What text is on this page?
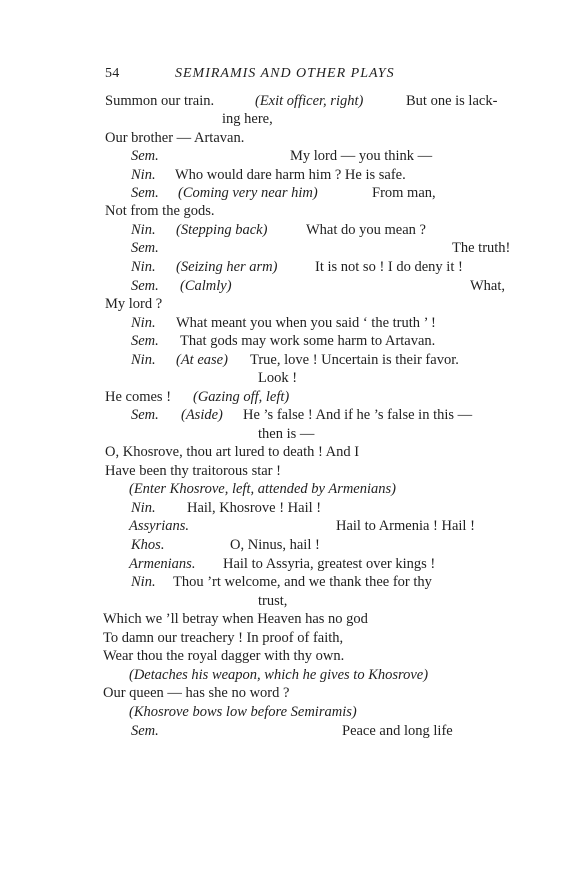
54	SEMIRAMIS AND OTHER PLAYS
Summon our train.	(Exit officer, right)	But one is lack-
ing here,
Our brother — Artavan.
Sem.	My lord — you think —
Nin. Who would dare harm him ? He is safe.
Sem. (Coming very near him)	From man,
Not from the gods.
Nin. (Stepping back)	What do you mean ?
Sem.	The truth!
Nin. (Seizing her arm)	It is not so ! I do deny it !
Sem. (Calmly)	What,
My lord ?
Nin. What meant you when you said ‘ the truth ’ !
Sem. That gods may work some harm to Artavan.
Nin. (At ease) True, love ! Uncertain is their favor.
Look !
He comes ! (Gazing off, left)
Sem. (Aside) He ’s false ! And if he ’s false in this —
then is —
O, Khosrove, thou art lured to death ! And I
Have been thy traitorous star !
(Enter Khosrove, left, attended by Armenians)
Nin. Hail, Khosrove ! Hail !
Assyrians.	Hail to Armenia ! Hail !
Khos.	O, Ninus, hail !
Armenians. Hail to Assyria, greatest over kings !
Nin. Thou ’rt welcome, and we thank thee for thy
trust,
Which we ’ll betray when Heaven has no god
To damn our treachery ! In proof of faith,
Wear thou the royal dagger with thy own.
(Detaches his weapon, which he gives to Khosrove)
Our queen — has she no word ?
(Khosrove bows low before Semiramis)
Sem.	Peace and long life
